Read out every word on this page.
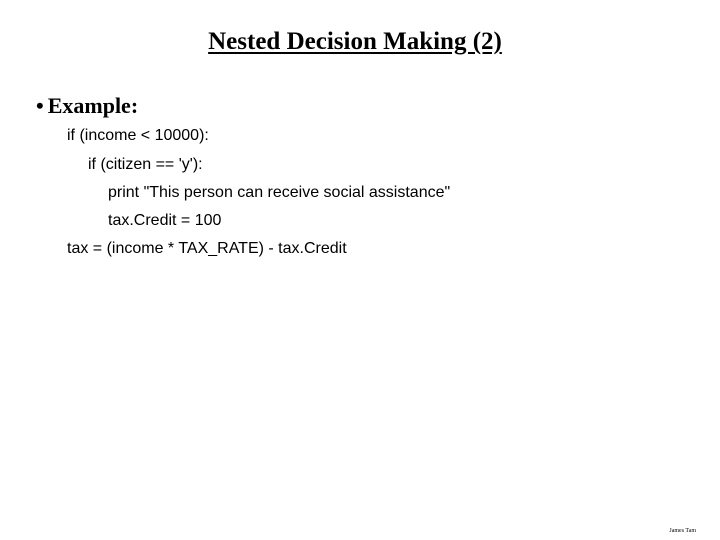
Nested Decision Making (2)
• Example:
if (income < 10000):
if (citizen == 'y'):
print "This person can receive social assistance"
tax.Credit = 100
tax = (income * TAX_RATE) - tax.Credit
James Tam
